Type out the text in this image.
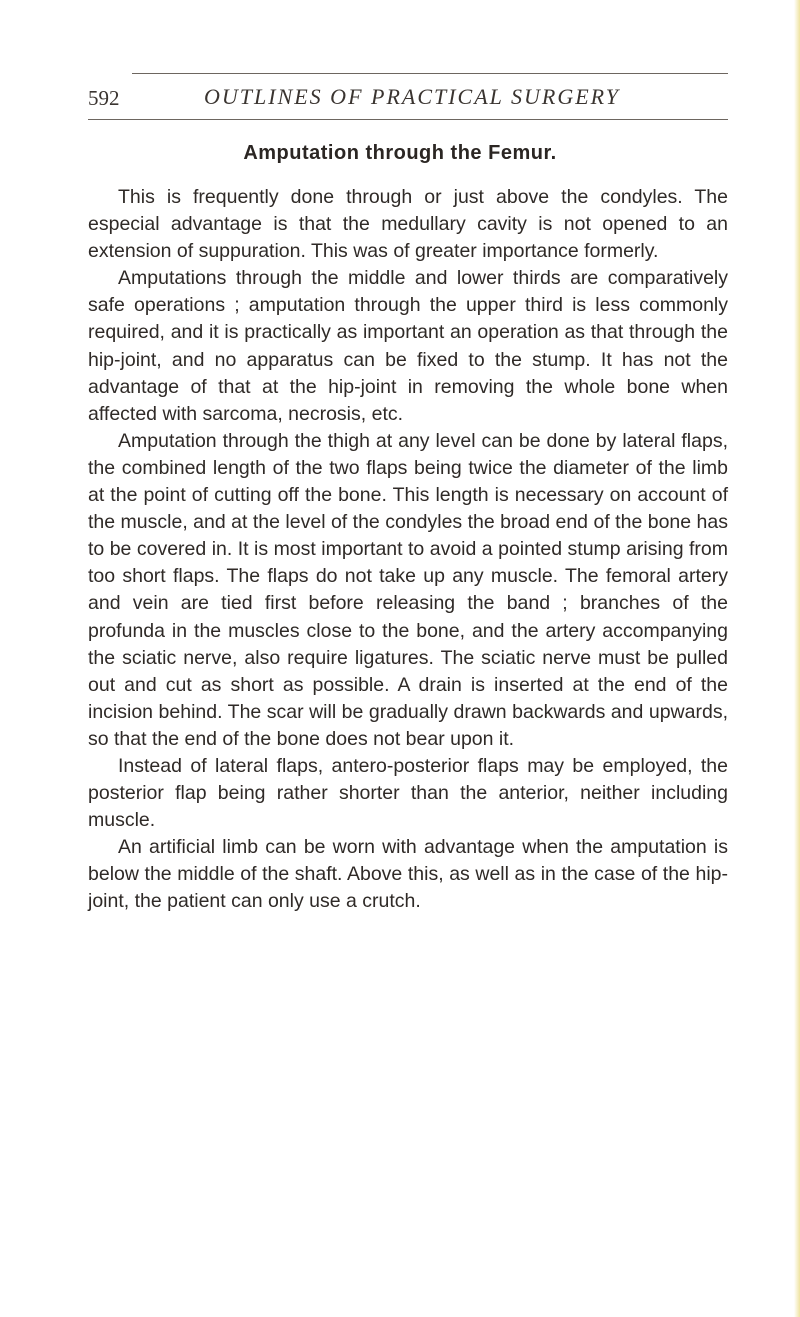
592	OUTLINES OF PRACTICAL SURGERY
Amputation through the Femur.

This is frequently done through or just above the condyles. The especial advantage is that the medullary cavity is not opened to an extension of suppuration. This was of greater importance formerly.

Amputations through the middle and lower thirds are comparatively safe operations ; amputation through the upper third is less commonly required, and it is practically as important an operation as that through the hip-joint, and no apparatus can be fixed to the stump. It has not the advantage of that at the hip-joint in removing the whole bone when affected with sarcoma, necrosis, etc.

Amputation through the thigh at any level can be done by lateral flaps, the combined length of the two flaps being twice the diameter of the limb at the point of cutting off the bone. This length is necessary on account of the muscle, and at the level of the condyles the broad end of the bone has to be covered in. It is most important to avoid a pointed stump arising from too short flaps. The flaps do not take up any muscle. The femoral artery and vein are tied first before releasing the band ; branches of the profunda in the muscles close to the bone, and the artery accompanying the sciatic nerve, also require ligatures. The sciatic nerve must be pulled out and cut as short as possible. A drain is inserted at the end of the incision behind. The scar will be gradually drawn backwards and upwards, so that the end of the bone does not bear upon it.

Instead of lateral flaps, antero-posterior flaps may be employed, the posterior flap being rather shorter than the anterior, neither including muscle.

An artificial limb can be worn with advantage when the amputation is below the middle of the shaft. Above this, as well as in the case of the hip-joint, the patient can only use a crutch.
